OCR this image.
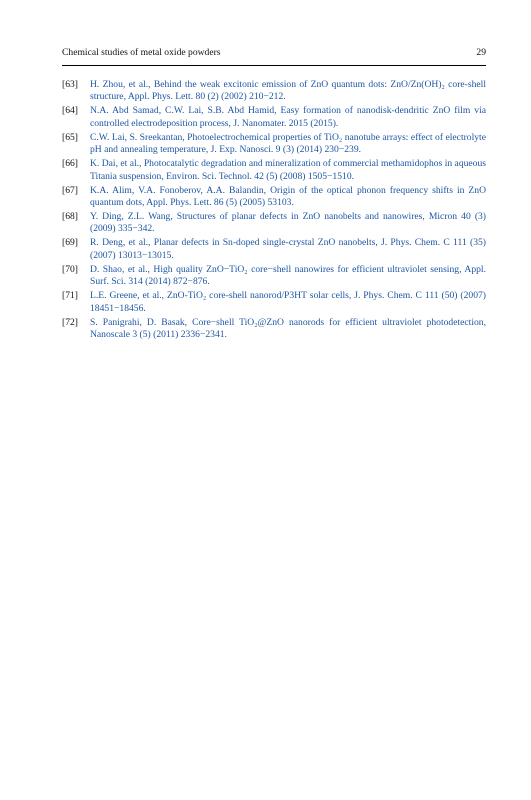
Chemical studies of metal oxide powders	29
[63]	H. Zhou, et al., Behind the weak excitonic emission of ZnO quantum dots: ZnO/Zn(OH)₂ core-shell structure, Appl. Phys. Lett. 80 (2) (2002) 210−212.
[64]	N.A. Abd Samad, C.W. Lai, S.B. Abd Hamid, Easy formation of nanodisk-dendritic ZnO film via controlled electrodeposition process, J. Nanomater. 2015 (2015).
[65]	C.W. Lai, S. Sreekantan, Photoelectrochemical properties of TiO₂ nanotube arrays: effect of electrolyte pH and annealing temperature, J. Exp. Nanosci. 9 (3) (2014) 230−239.
[66]	K. Dai, et al., Photocatalytic degradation and mineralization of commercial methamidophos in aqueous Titania suspension, Environ. Sci. Technol. 42 (5) (2008) 1505−1510.
[67]	K.A. Alim, V.A. Fonoberov, A.A. Balandin, Origin of the optical phonon frequency shifts in ZnO quantum dots, Appl. Phys. Lett. 86 (5) (2005) 53103.
[68]	Y. Ding, Z.L. Wang, Structures of planar defects in ZnO nanobelts and nanowires, Micron 40 (3) (2009) 335−342.
[69]	R. Deng, et al., Planar defects in Sn-doped single-crystal ZnO nanobelts, J. Phys. Chem. C 111 (35) (2007) 13013−13015.
[70]	D. Shao, et al., High quality ZnO−TiO₂ core−shell nanowires for efficient ultraviolet sensing, Appl. Surf. Sci. 314 (2014) 872−876.
[71]	L.E. Greene, et al., ZnO-TiO₂ core-shell nanorod/P3HT solar cells, J. Phys. Chem. C 111 (50) (2007) 18451−18456.
[72]	S. Panigrahi, D. Basak, Core−shell TiO₂@ZnO nanorods for efficient ultraviolet photodetection, Nanoscale 3 (5) (2011) 2336−2341.
